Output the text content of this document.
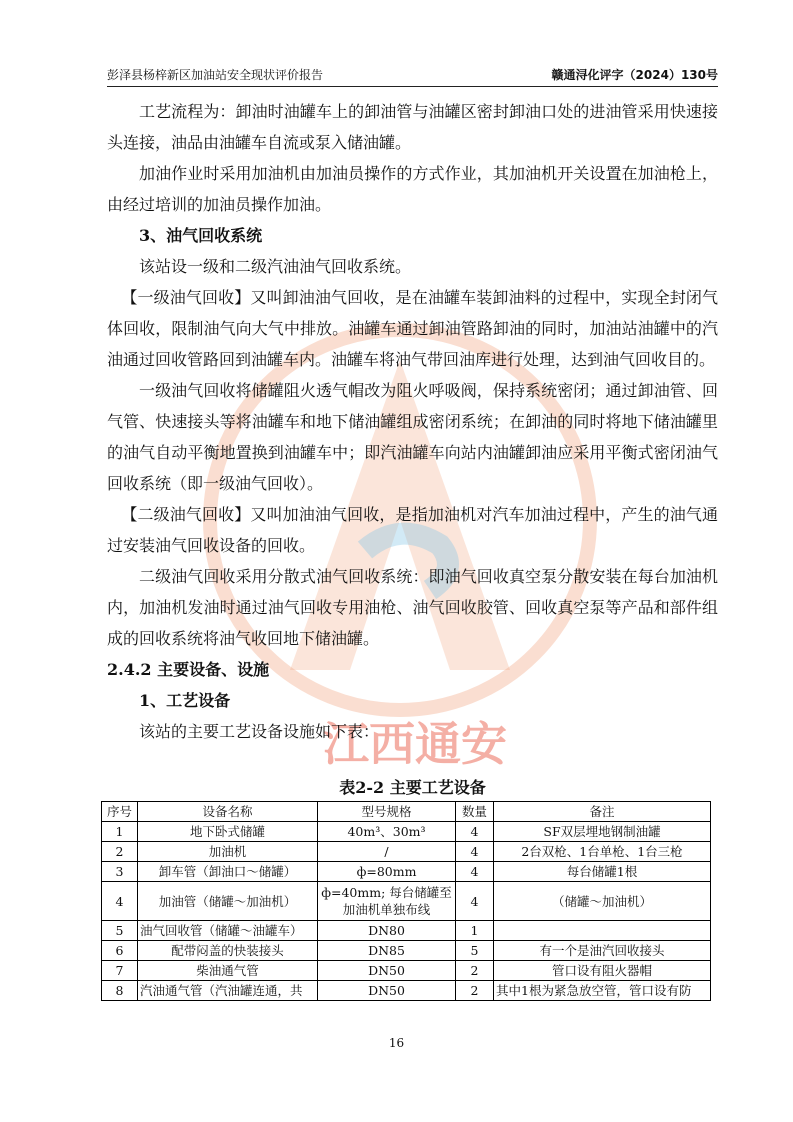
江西通安
彭泽县杨梓新区加油站安全现状评价报告	赣通浔化评字（2024）130号

工艺流程为：卸油时油罐车上的卸油管与油罐区密封卸油口处的进油管采用快速接头连接，油品由油罐车自流或泵入储油罐。

加油作业时采用加油机由加油员操作的方式作业，其加油机开关设置在加油枪上，由经过培训的加油员操作加油。

3、油气回收系统

该站设一级和二级汽油油气回收系统。

【一级油气回收】又叫卸油油气回收，是在油罐车装卸油料的过程中，实现全封闭气体回收，限制油气向大气中排放。油罐车通过卸油管路卸油的同时，加油站油罐中的汽油通过回收管路回到油罐车内。油罐车将油气带回油库进行处理，达到油气回收目的。

一级油气回收将储罐阻火透气帽改为阻火呼吸阀，保持系统密闭；通过卸油管、回气管、快速接头等将油罐车和地下储油罐组成密闭系统；在卸油的同时将地下储油罐里的油气自动平衡地置换到油罐车中；即汽油罐车向站内油罐卸油应采用平衡式密闭油气回收系统（即一级油气回收）。

【二级油气回收】又叫加油油气回收，是指加油机对汽车加油过程中，产生的油气通过安装油气回收设备的回收。

二级油气回收采用分散式油气回收系统：即油气回收真空泵分散安装在每台加油机内，加油机发油时通过油气回收专用油枪、油气回收胶管、回收真空泵等产品和部件组成的回收系统将油气收回地下储油罐。

2.4.2 主要设备、设施
1、工艺设备

该站的主要工艺设备设施如下表：

表2-2 主要工艺设备
序号	设备名称	型号规格	数量	备注
1	地下卧式储罐	40m³、30m³	4	SF双层埋地钢制油罐
2	加油机	/	4	2台双枪、1台单枪、1台三枪
3	卸车管（卸油口～储罐）	ф=80mm	4	每台储罐1根
4	加油管（储罐～加油机）	ф=40mm; 每台储罐至加油机单独布线	4	（储罐～加油机）
5	油气回收管（储罐～油罐车）	DN80	1	
6	配带闷盖的快装接头	DN85	5	有一个是油汽回收接头
7	柴油通气管	DN50	2	管口设有阻火器帽
8	汽油通气管（汽油罐连通，共	DN50	2	其中1根为紧急放空管，管口设有防
16
